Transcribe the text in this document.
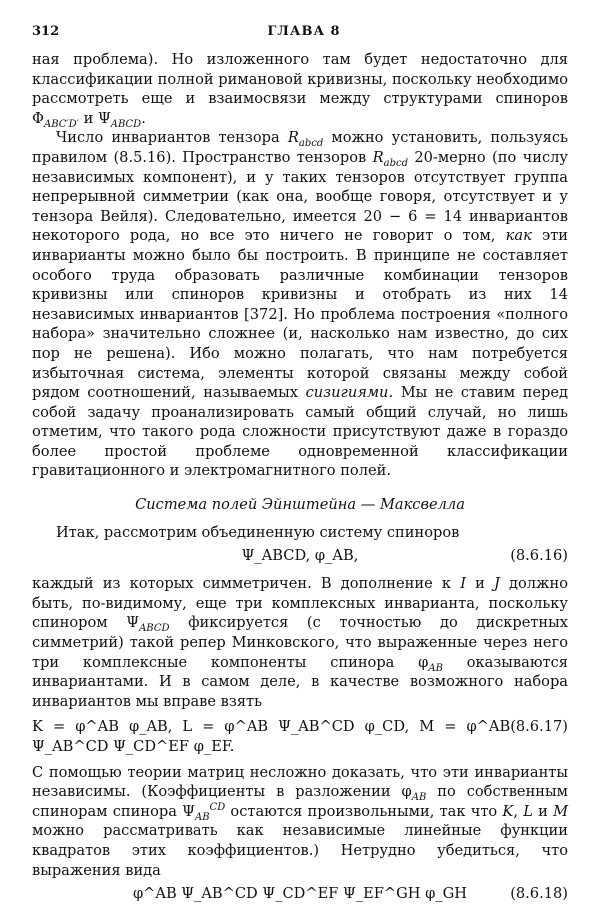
312	ГЛАВА 8

ная проблема). Но изложенного там будет недостаточно для классификации полной римановой кривизны, поскольку необходимо рассмотреть еще и взаимосвязи между структурами спиноров $\Phi_{ABC'D'}$ и $\Psi_{ABCD}$.

Число инвариантов тензора $R_{abcd}$ можно установить, пользуясь правилом (8.5.16). Пространство тензоров $R_{abcd}$ 20-мерно (по числу независимых компонент), и у таких тензоров отсутствует группа непрерывной симметрии (как она, вообще говоря, отсутствует и у тензора Вейля). Следовательно, имеется 20 − 6 = 14 инвариантов некоторого рода, но все это ничего не говорит о том, как эти инварианты можно было бы построить. В принципе не составляет особого труда образовать различные комбинации тензоров кривизны или спиноров кривизны и отобрать из них 14 независимых инвариантов [372]. Но проблема построения «полного набора» значительно сложнее (и, насколько нам известно, до сих пор не решена). Ибо можно полагать, что нам потребуется избыточная система, элементы которой связаны между собой рядом соотношений, называемых сизигиями. Мы не ставим перед собой задачу проанализировать самый общий случай, но лишь отметим, что такого рода сложности присутствуют даже в гораздо более простой проблеме одновременной классификации гравитационного и электромагнитного полей.

Система полей Эйнштейна — Максвелла

Итак, рассмотрим объединенную систему спиноров

Ψ_ABCD, φ_AB,	(8.6.16)

каждый из которых симметричен. В дополнение к I и J должно быть, по-видимому, еще три комплексных инварианта, поскольку спинором $\Psi_{ABCD}$ фиксируется (с точностью до дискретных симметрий) такой репер Минковского, что выраженные через него три комплексные компоненты спинора $\varphi_{AB}$ оказываются инвариантами. И в самом деле, в качестве возможного набора инвариантов мы вправе взять

K = φ^AB φ_AB, L = φ^AB Ψ_AB^CD φ_CD, M = φ^AB Ψ_AB^CD Ψ_CD^EF φ_EF.
(8.6.17)

С помощью теории матриц несложно доказать, что эти инварианты независимы. (Коэффициенты в разложении $\varphi_{AB}$ по собственным спинорам спинора $\Psi_{AB}^{CD}$ остаются произвольными, так что K, L и M можно рассматривать как независимые линейные функции квадратов этих коэффициентов.) Нетрудно убедиться, что выражения вида

φ^AB Ψ_AB^CD Ψ_CD^EF Ψ_EF^GH φ_GH	(8.6.18)
